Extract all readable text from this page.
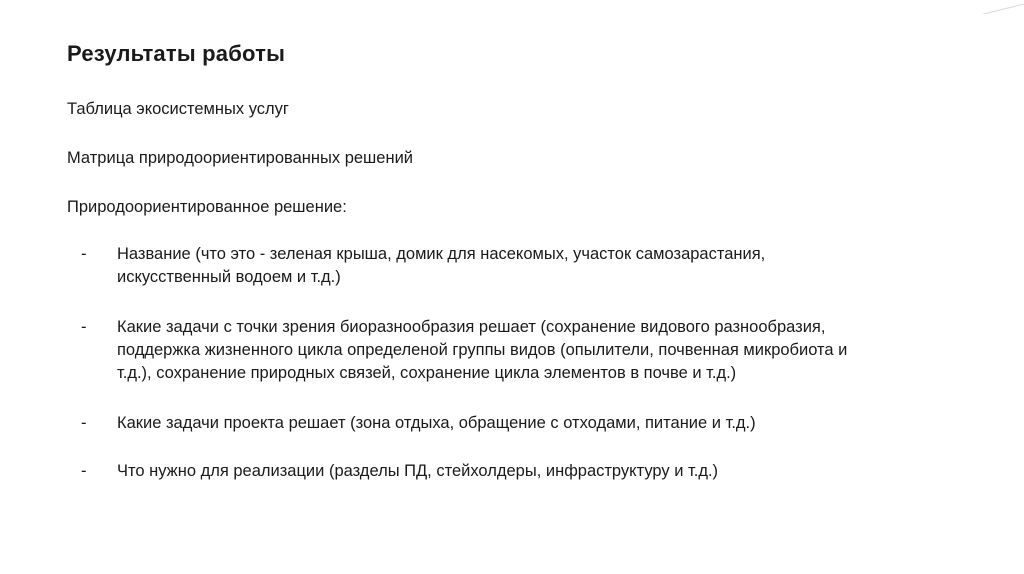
Результаты работы
Таблица экосистемных услуг
Матрица природоориентированных решений
Природоориентированное решение:
-	Название (что это - зеленая крыша, домик для насекомых, участок самозарастания,
искусственный водоем и т.д.)
-	Какие задачи с точки зрения биоразнообразия решает (сохранение видового разнообразия,
поддержка жизненного цикла определеной группы видов (опылители, почвенная микробиота и
т.д.), сохранение природных связей, сохранение цикла элементов в почве и т.д.)
-	Какие задачи проекта решает (зона отдыха, обращение с отходами, питание и т.д.)
-	Что нужно для реализации (разделы ПД, стейхолдеры, инфраструктуру и т.д.)
